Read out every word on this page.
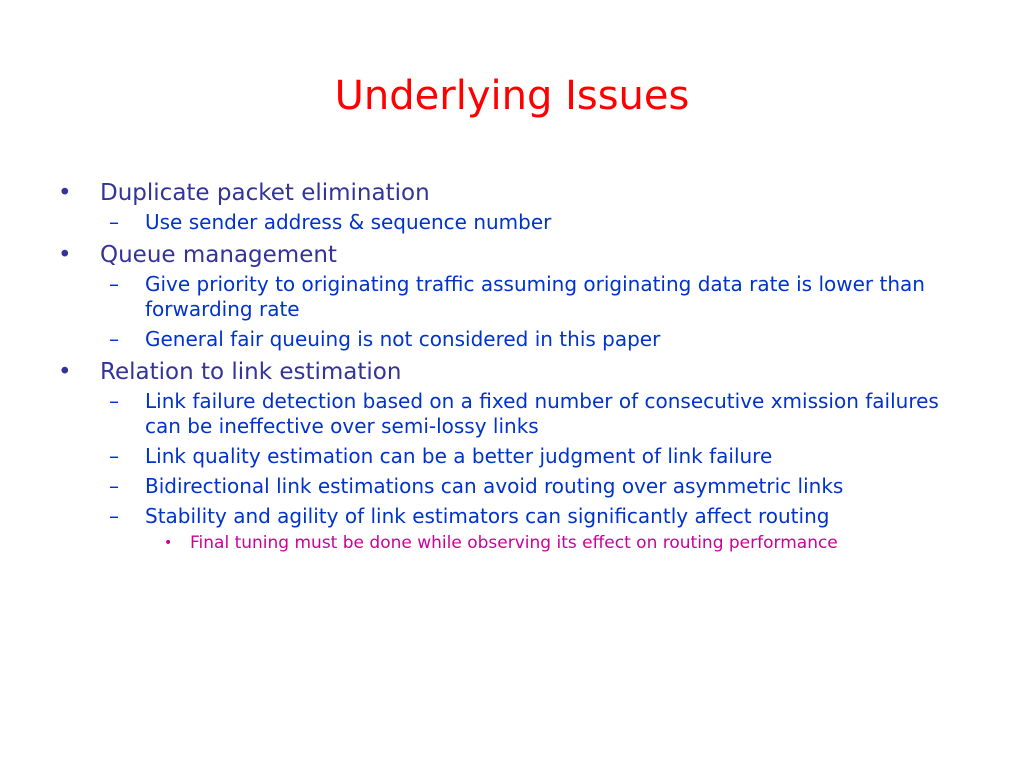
Underlying Issues
•	Duplicate packet elimination
–	Use sender address & sequence number
•	Queue management
–	Give priority to originating traffic assuming originating data rate is lower than forwarding rate
–	General fair queuing is not considered in this paper
•	Relation to link estimation
–	Link failure detection based on a fixed number of consecutive xmission failures can be ineffective over semi-lossy links
–	Link quality estimation can be a better judgment of link failure
–	Bidirectional link estimations can avoid routing over asymmetric links
–	Stability and agility of link estimators can significantly affect routing
•	Final tuning must be done while observing its effect on routing performance
